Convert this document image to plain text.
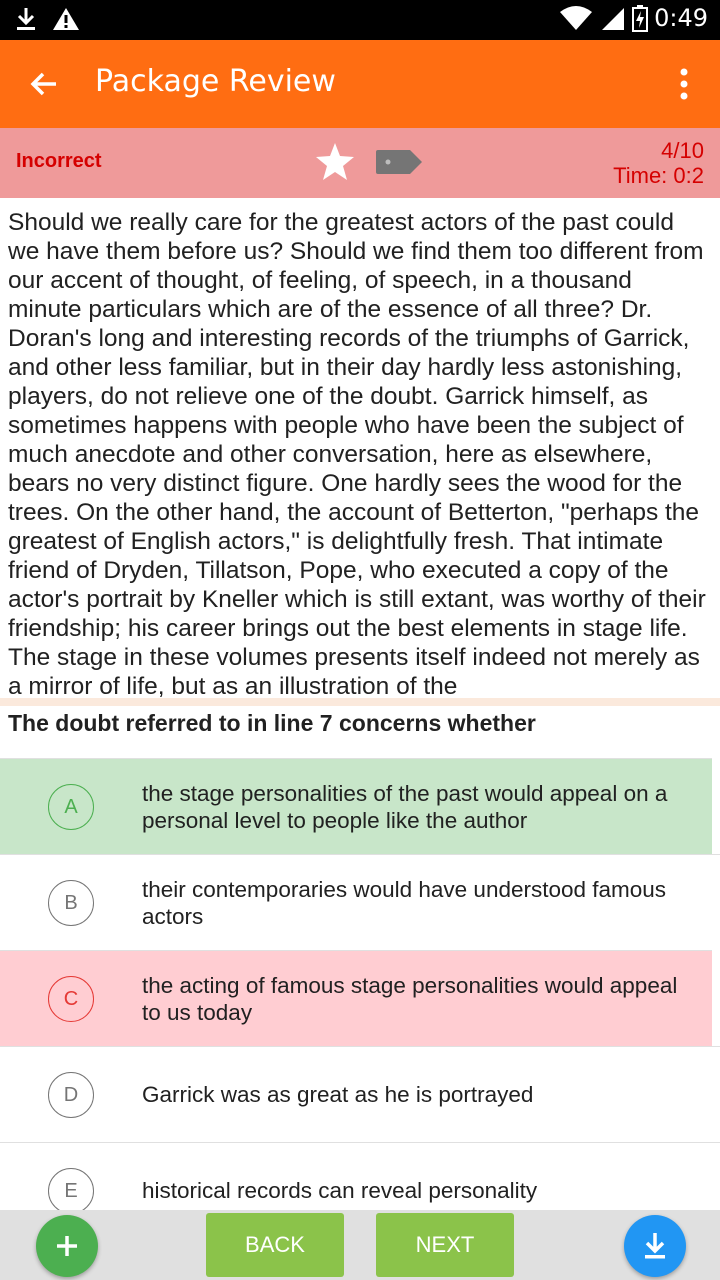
0:49
Package Review
Incorrect	4/10
Time: 0:2
Should we really care for the greatest actors of the past could we have them before us? Should we find them too different from our accent of thought, of feeling, of speech, in a thousand minute particulars which are of the essence of all three? Dr. Doran's long and interesting records of the triumphs of Garrick, and other less familiar, but in their day hardly less astonishing, players, do not relieve one of the doubt. Garrick himself, as sometimes happens with people who have been the subject of much anecdote and other conversation, here as elsewhere, bears no very distinct figure. One hardly sees the wood for the trees. On the other hand, the account of Betterton, "perhaps the greatest of English actors," is delightfully fresh. That intimate friend of Dryden, Tillatson, Pope, who executed a copy of the actor's portrait by Kneller which is still extant, was worthy of their friendship; his career brings out the best elements in stage life. The stage in these volumes presents itself indeed not merely as a mirror of life, but as an illustration of the
The doubt referred to in line 7 concerns whether
A
the stage personalities of the past would appeal on a personal level to people like the author
B
their contemporaries would have understood famous actors
C
the acting of famous stage personalities would appeal to us today
D	Garrick was as great as he is portrayed
E	historical records can reveal personality
BACK	NEXT
